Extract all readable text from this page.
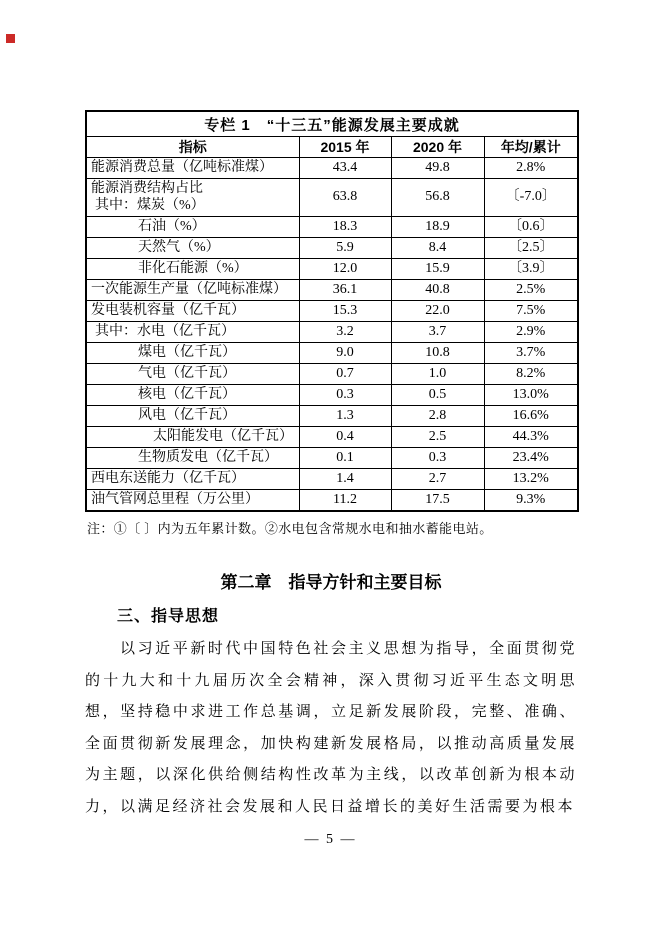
专栏 1　“十三五”能源发展主要成就			
指标	2015 年	2020 年	年均/累计
能源消费总量（亿吨标准煤）	43.4	49.8	2.8%

能源消费结构占比
其中：煤炭（%）	63.8	56.8	〔-7.0〕
石油（%）	18.3	18.9	〔0.6〕
天然气（%）	5.9	8.4	〔2.5〕
非化石能源（%）	12.0	15.9	〔3.9〕
一次能源生产量（亿吨标准煤）	36.1	40.8	2.5%
发电装机容量（亿千瓦）	15.3	22.0	7.5%
其中：水电（亿千瓦）	3.2	3.7	2.9%
煤电（亿千瓦）	9.0	10.8	3.7%
气电（亿千瓦）	0.7	1.0	8.2%
核电（亿千瓦）	0.3	0.5	13.0%
风电（亿千瓦）	1.3	2.8	16.6%
太阳能发电（亿千瓦）	0.4	2.5	44.3%
生物质发电（亿千瓦）	0.1	0.3	23.4%
西电东送能力（亿千瓦）	1.4	2.7	13.2%
油气管网总里程（万公里）	11.2	17.5	9.3%
注：①〔 〕内为五年累计数。②水电包含常规水电和抽水蓄能电站。
第二章　指导方针和主要目标
三、指导思想
以习近平新时代中国特色社会主义思想为指导，全面贯彻党的十九大和十九届历次全会精神，深入贯彻习近平生态文明思想，坚持稳中求进工作总基调，立足新发展阶段，完整、准确、全面贯彻新发展理念，加快构建新发展格局，以推动高质量发展为主题，以深化供给侧结构性改革为主线，以改革创新为根本动力，以满足经济社会发展和人民日益增长的美好生活需要为根本
— 5 —
